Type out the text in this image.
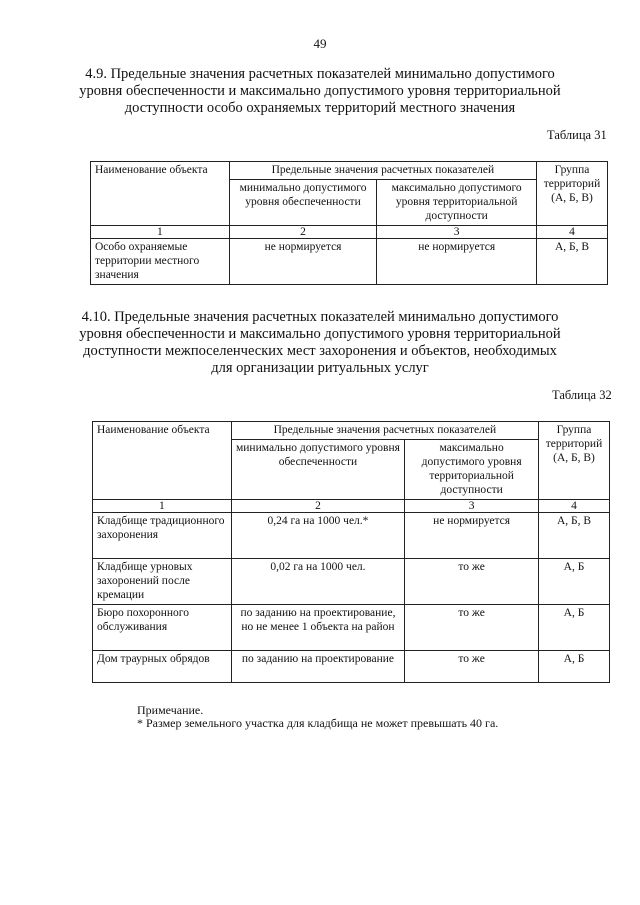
49
4.9. Предельные значения расчетных показателей минимально допустимого
уровня обеспеченности и максимально допустимого уровня территориальной
доступности особо охраняемых территорий местного значения
Таблица 31
Наименование объекта	Предельные значения расчетных показателей		Группа территорий (А, Б, В)
	минимально допустимого уровня обеспеченности	максимально допустимого уровня территориальной доступности	
1	2	3	4
Особо охраняемые территории местного значения	не нормируется	не нормируется	А, Б, В
4.10. Предельные значения расчетных показателей минимально допустимого
уровня обеспеченности и максимально допустимого уровня территориальной
доступности межпоселенческих мест захоронения и объектов, необходимых
для организации ритуальных услуг
Таблица 32
Наименование объекта	Предельные значения расчетных показателей		Группа территорий (А, Б, В)
	минимально допустимого уровня обеспеченности	максимально допустимого уровня территориальной доступности	
1	2	3	4
Кладбище традиционного захоронения	0,24 га на 1000 чел.*	не нормируется	А, Б, В
Кладбище урновых захоронений после кремации	0,02 га на 1000 чел.	то же	А, Б
Бюро похоронного обслуживания	по заданию на проектирование, но не менее 1 объекта на район	то же	А, Б
Дом траурных обрядов	по заданию на проектирование	то же	А, Б
Примечание.
* Размер земельного участка для кладбища не может превышать 40 га.
